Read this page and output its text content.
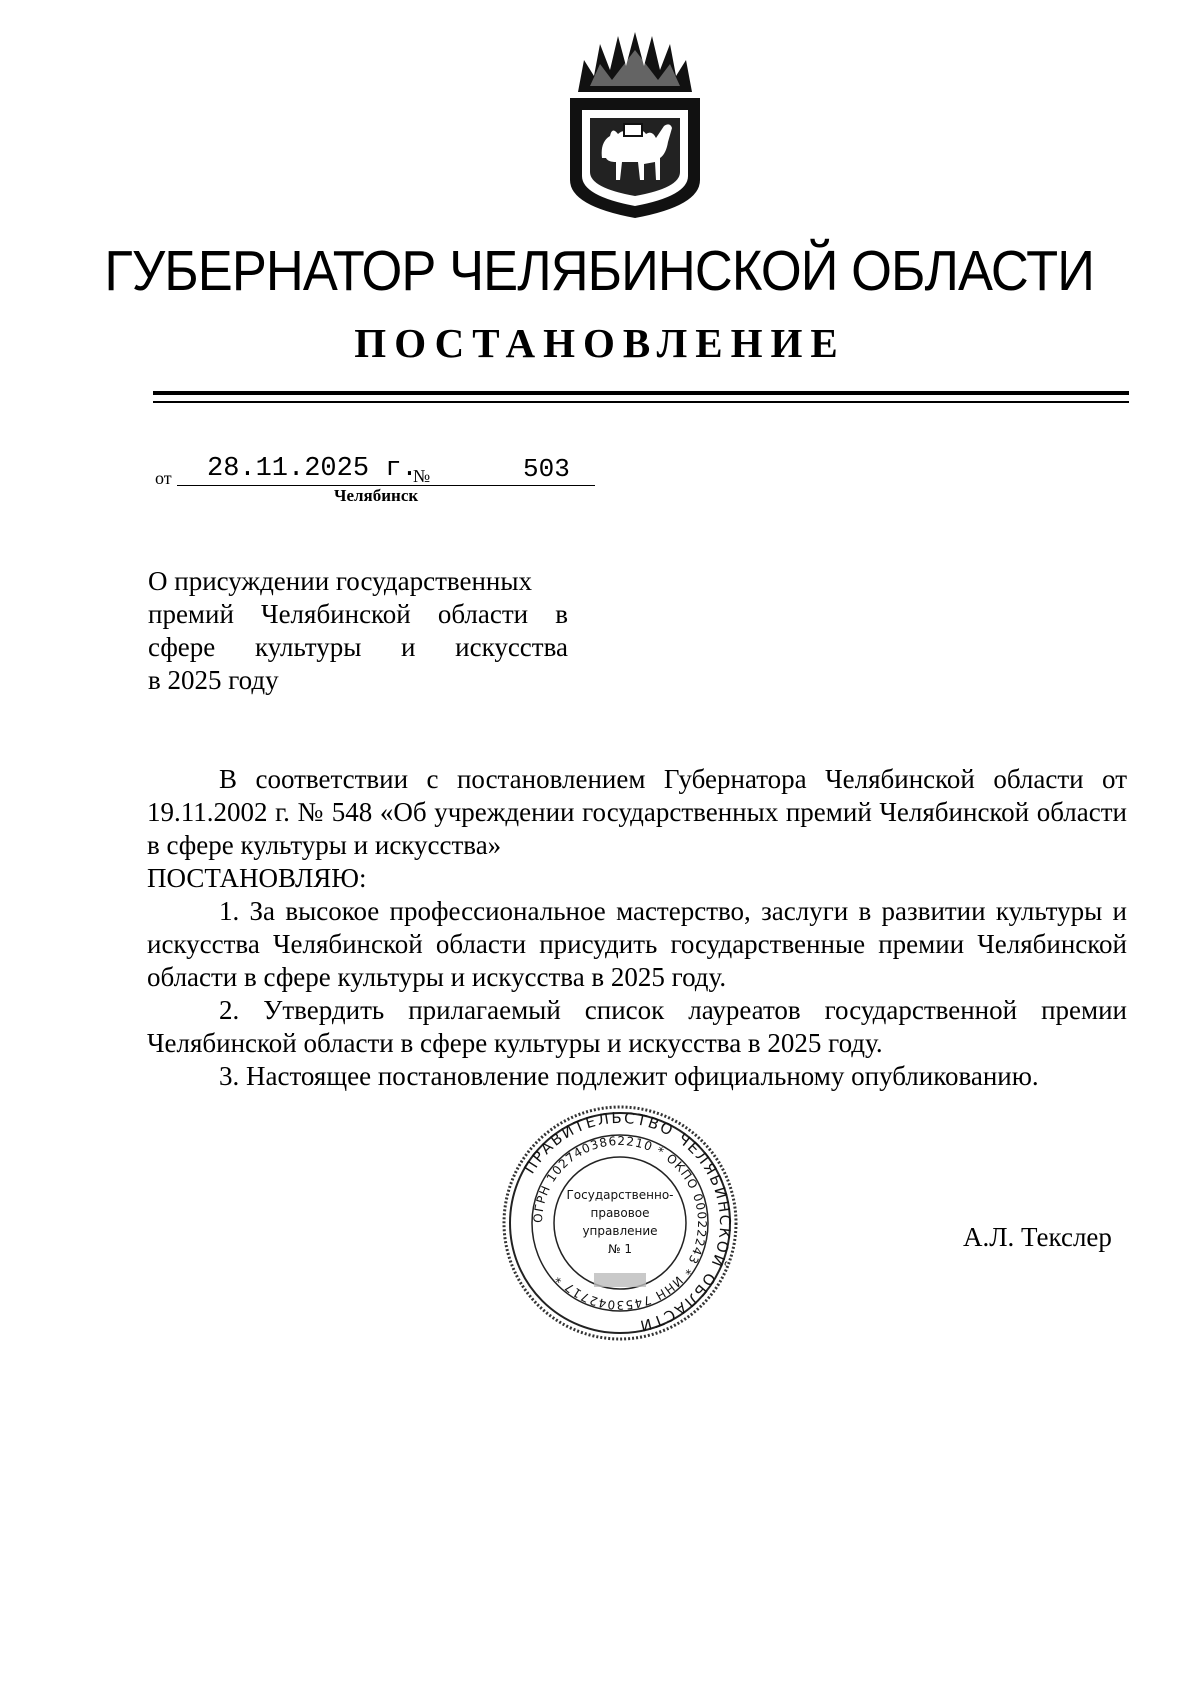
ГУБЕРНАТОР ЧЕЛЯБИНСКОЙ ОБЛАСТИ
ПОСТАНОВЛЕНИЕ
от 28.11.2025 г.
№	503
Челябинск
О присуждении государственных
премий Челябинской области в
сфере культуры и искусства
в 2025 году

В соответствии с постановлением Губернатора Челябинской области от 19.11.2002 г. № 548 «Об учреждении государственных премий Челябинской области в сфере культуры и искусства»

ПОСТАНОВЛЯЮ:

1. За высокое профессиональное мастерство, заслуги в развитии культуры и искусства Челябинской области присудить государственные премии Челябинской области в сфере культуры и искусства в 2025 году.

2. Утвердить прилагаемый список лауреатов государственной премии Челябинской области в сфере культуры и искусства в 2025 году.

3. Настоящее постановление подлежит официальному опубликованию.

ПРАВИТЕЛЬСТВО ЧЕЛЯБИНСКОЙ ОБЛАСТИ
ОГРН 1027403862210 * ОКПО 00022243 * ИНН 7453042717 *
Государственно-
правовое
управление
№ 1	А.Л. Текслер
